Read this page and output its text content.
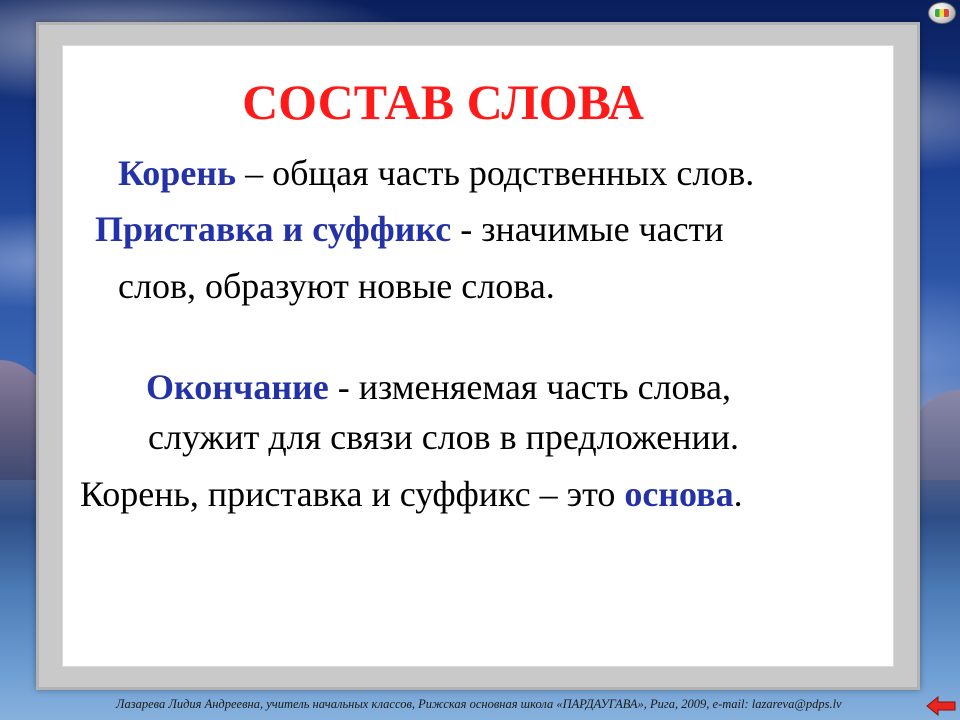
СОСТАВ СЛОВА

Корень – общая часть родственных слов.

Приставка и суффикс - значимые части

слов, образуют новые слова.

Окончание - изменяемая часть слова,

служит для связи слов в предложении.

Корень, приставка и суффикс – это основа.

Лазарева Лидия Андреевна, учитель начальных классов, Рижская основная школа «ПАРДАУГАВА», Рига, 2009, e-mail: lazareva@pdps.lv
